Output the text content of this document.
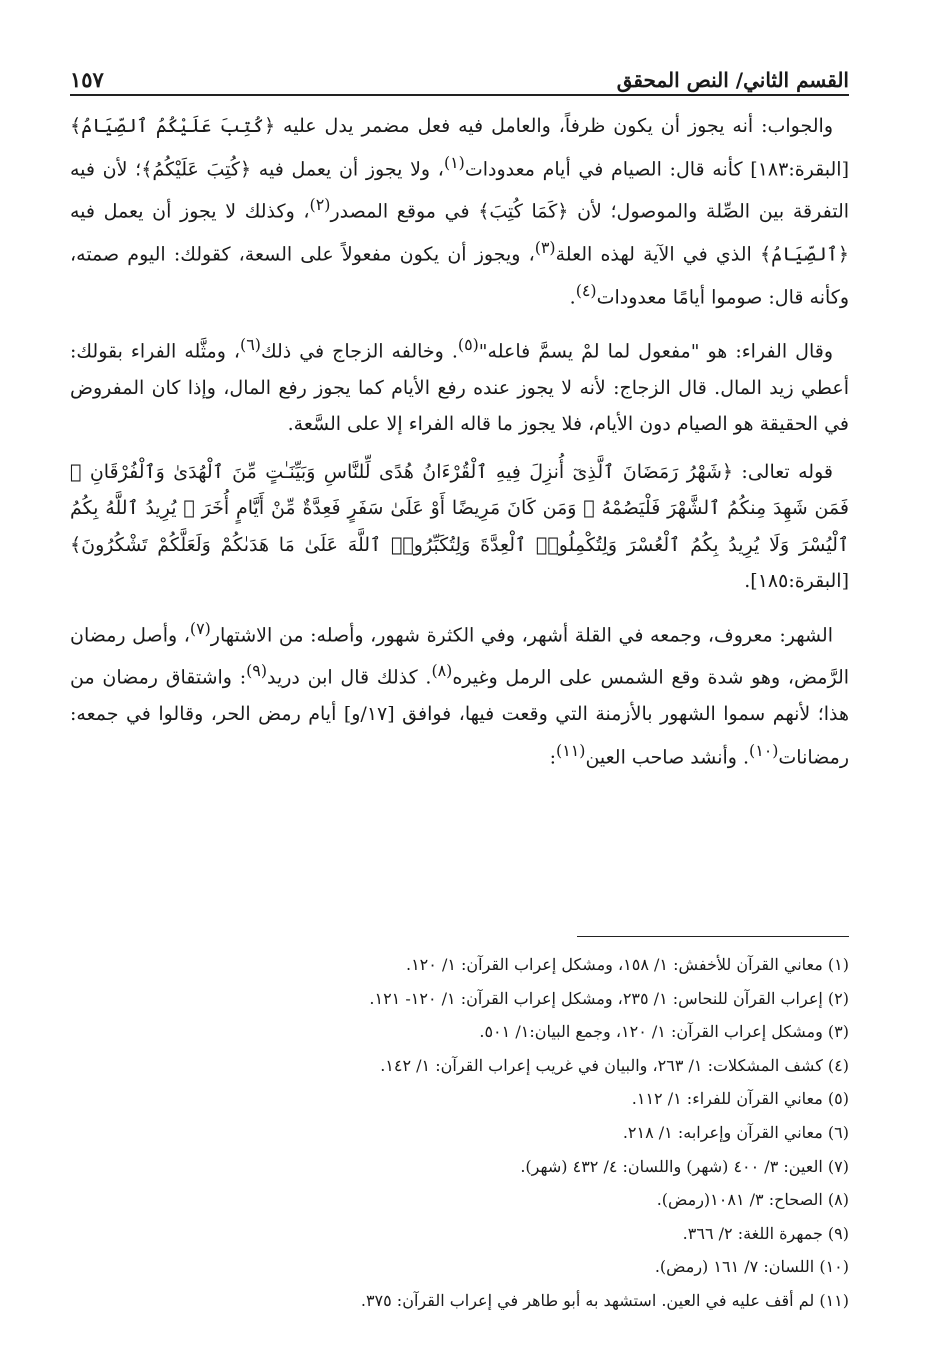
القسم الثاني/ النص المحقق
١٥٧

والجواب: أنه يجوز أن يكون ظرفاً، والعامل فيه فعل مضمر يدل عليه ﴿كُتِبَ عَلَيْكُمُ ٱلصِّيَامُ﴾ [البقرة:١٨٣] كأنه قال: الصيام في أيام معدودات$^{(١)}$، ولا يجوز أن يعمل فيه ﴿كُتِبَ عَلَيْكُمُ﴾؛ لأن فيه التفرقة بين الصِّلة والموصول؛ لأن ﴿كَمَا كُتِبَ﴾ في موقع المصدر$^{(٢)}$، وكذلك لا يجوز أن يعمل فيه ﴿ٱلصِّيَامُ﴾ الذي في الآية لهذه العلة$^{(٣)}$، ويجوز أن يكون مفعولاً على السعة، كقولك: اليوم صمته، وكأنه قال: صوموا أيامًا معدودات$^{(٤)}$.

وقال الفراء: هو "مفعول لما لمْ يسمَّ فاعله"$^{(٥)}$. وخالفه الزجاج في ذلك$^{(٦)}$، ومثَّله الفراء بقولك: أعطي زيد المال. قال الزجاج: لأنه لا يجوز عنده رفع الأيام كما يجوز رفع المال، وإذا كان المفروض في الحقيقة هو الصيام دون الأيام، فلا يجوز ما قاله الفراء إلا على السَّعة.

قوله تعالى: ﴿شَهْرُ رَمَضَانَ ٱلَّذِىٓ أُنزِلَ فِيهِ ٱلْقُرْءَانُ هُدًى لِّلنَّاسِ وَبَيِّنَـٰتٍ مِّنَ ٱلْهُدَىٰ وَٱلْفُرْقَانِ ۚ فَمَن شَهِدَ مِنكُمُ ٱلشَّهْرَ فَلْيَصُمْهُ ۖ وَمَن كَانَ مَرِيضًا أَوْ عَلَىٰ سَفَرٍ فَعِدَّةٌ مِّنْ أَيَّامٍ أُخَرَ ۗ يُرِيدُ ٱللَّهُ بِكُمُ ٱلْيُسْرَ وَلَا يُرِيدُ بِكُمُ ٱلْعُسْرَ وَلِتُكْمِلُوا۟ ٱلْعِدَّةَ وَلِتُكَبِّرُوا۟ ٱللَّهَ عَلَىٰ مَا هَدَىٰكُمْ وَلَعَلَّكُمْ تَشْكُرُونَ﴾ [البقرة:١٨٥].

الشهر: معروف، وجمعه في القلة أشهر، وفي الكثرة شهور، وأصله: من الاشتهار$^{(٧)}$، وأصل رمضان الرَّمض، وهو شدة وقع الشمس على الرمل وغيره$^{(٨)}$. كذلك قال ابن دريد$^{(٩)}$: واشتقاق رمضان من هذا؛ لأنهم سموا الشهور بالأزمنة التي وقعت فيها، فوافق [١٧/و] أيام رمض الحر، وقالوا في جمعه: رمضانات$^{(١٠)}$. وأنشد صاحب العين$^{(١١)}$:

(١) معاني القرآن للأخفش: ١/ ١٥٨، ومشكل إعراب القرآن: ١/ ١٢٠.
(٢) إعراب القرآن للنحاس: ١/ ٢٣٥، ومشكل إعراب القرآن: ١/ ١٢٠- ١٢١.
(٣) ومشكل إعراب القرآن: ١/ ١٢٠، وجمع البيان:١/ ٥٠١.
(٤) كشف المشكلات: ١/ ٢٦٣، والبيان في غريب إعراب القرآن: ١/ ١٤٢.
(٥) معاني القرآن للفراء: ١/ ١١٢.
(٦) معاني القرآن وإعرابه: ١/ ٢١٨.
(٧) العين: ٣/ ٤٠٠ (شهر) واللسان: ٤/ ٤٣٢ (شهر).
(٨) الصحاح: ٣/ ١٠٨١(رمض).
(٩) جمهرة اللغة: ٢/ ٣٦٦.
(١٠) اللسان: ٧/ ١٦١ (رمض).
(١١) لم أقف عليه في العين. استشهد به أبو طاهر في إعراب القرآن: ٣٧٥.
